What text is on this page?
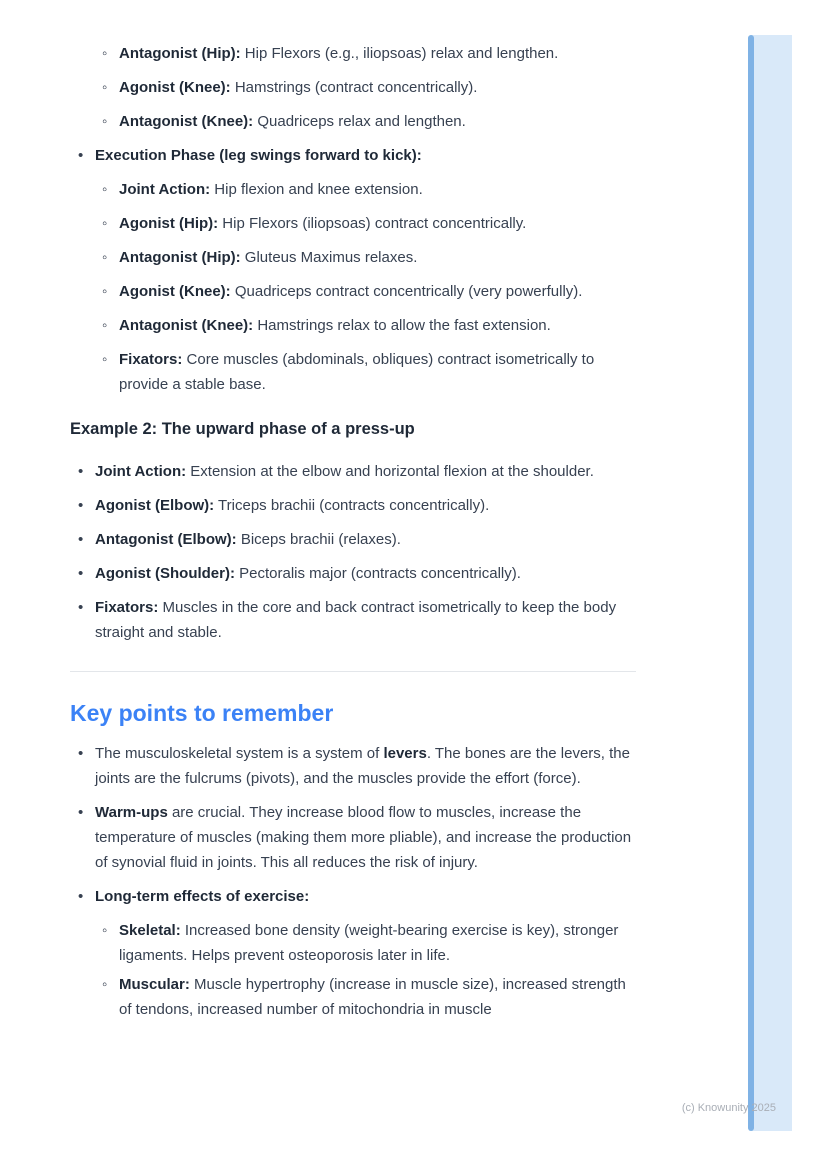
◦ Antagonist (Hip): Hip Flexors (e.g., iliopsoas) relax and lengthen.
◦ Agonist (Knee): Hamstrings (contract concentrically).
◦ Antagonist (Knee): Quadriceps relax and lengthen.
• Execution Phase (leg swings forward to kick):
◦ Joint Action: Hip flexion and knee extension.
◦ Agonist (Hip): Hip Flexors (iliopsoas) contract concentrically.
◦ Antagonist (Hip): Gluteus Maximus relaxes.
◦ Agonist (Knee): Quadriceps contract concentrically (very powerfully).
◦ Antagonist (Knee): Hamstrings relax to allow the fast extension.
◦ Fixators: Core muscles (abdominals, obliques) contract isometrically to provide a stable base.
Example 2: The upward phase of a press-up
• Joint Action: Extension at the elbow and horizontal flexion at the shoulder.
• Agonist (Elbow): Triceps brachii (contracts concentrically).
• Antagonist (Elbow): Biceps brachii (relaxes).
• Agonist (Shoulder): Pectoralis major (contracts concentrically).
• Fixators: Muscles in the core and back contract isometrically to keep the body straight and stable.
Key points to remember
• The musculoskeletal system is a system of levers. The bones are the levers, the joints are the fulcrums (pivots), and the muscles provide the effort (force).
• Warm-ups are crucial. They increase blood flow to muscles, increase the temperature of muscles (making them more pliable), and increase the production of synovial fluid in joints. This all reduces the risk of injury.
• Long-term effects of exercise:
◦ Skeletal: Increased bone density (weight-bearing exercise is key), stronger ligaments. Helps prevent osteoporosis later in life.
◦ Muscular: Muscle hypertrophy (increase in muscle size), increased strength of tendons, increased number of mitochondria in muscle
(c) Knowunity 2025
